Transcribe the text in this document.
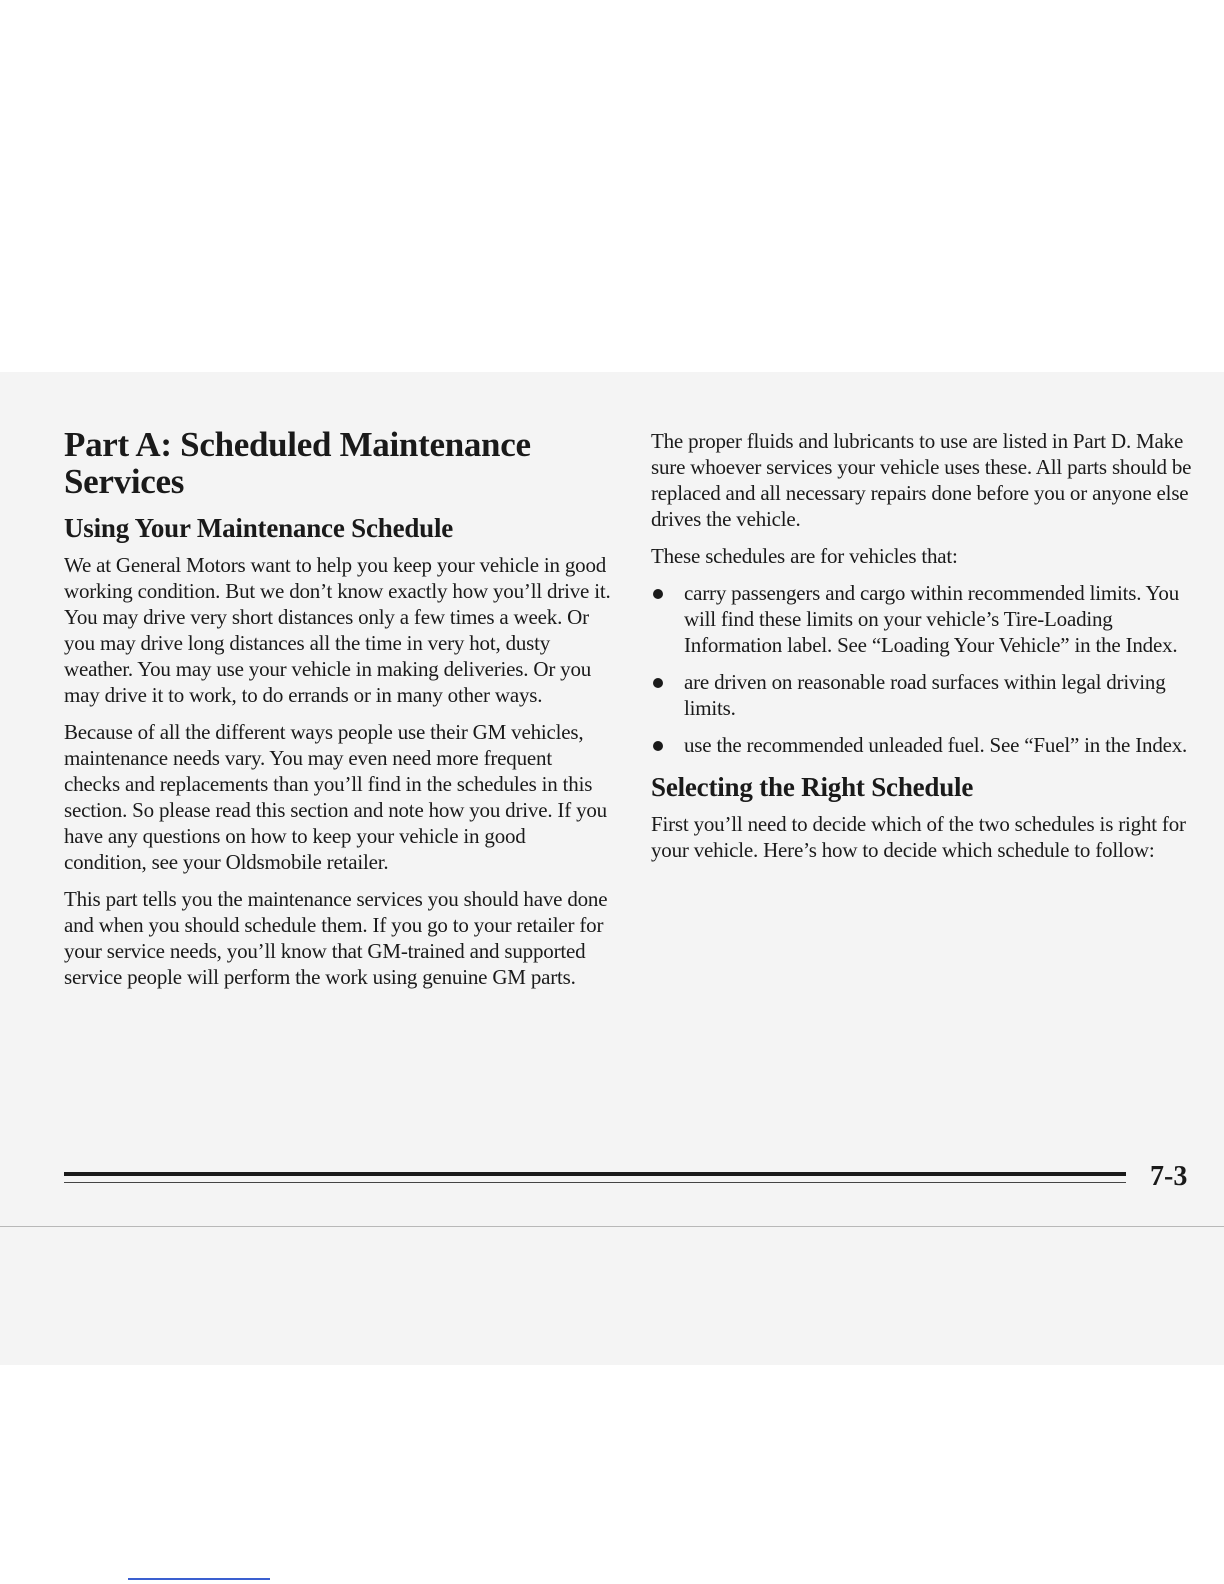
Part A: Scheduled Maintenance Services
Using Your Maintenance Schedule

We at General Motors want to help you keep your vehicle in good working condition. But we don’t know exactly how you’ll drive it. You may drive very short distances only a few times a week. Or you may drive long distances all the time in very hot, dusty weather. You may use your vehicle in making deliveries. Or you may drive it to work, to do errands or in many other ways.

Because of all the different ways people use their GM vehicles, maintenance needs vary. You may even need more frequent checks and replacements than you’ll find in the schedules in this section. So please read this section and note how you drive. If you have any questions on how to keep your vehicle in good condition, see your Oldsmobile retailer.

This part tells you the maintenance services you should have done and when you should schedule them. If you go to your retailer for your service needs, you’ll know that GM-trained and supported service people will perform the work using genuine GM parts.

The proper fluids and lubricants to use are listed in Part D. Make sure whoever services your vehicle uses these. All parts should be replaced and all necessary repairs done before you or anyone else drives the vehicle.

These schedules are for vehicles that:

carry passengers and cargo within recommended limits. You will find these limits on your vehicle’s Tire-Loading Information label. See “Loading Your Vehicle” in the Index.
are driven on reasonable road surfaces within legal driving limits.
use the recommended unleaded fuel. See “Fuel” in the Index.
Selecting the Right Schedule

First you’ll need to decide which of the two schedules is right for your vehicle. Here’s how to decide which schedule to follow:

7-3
